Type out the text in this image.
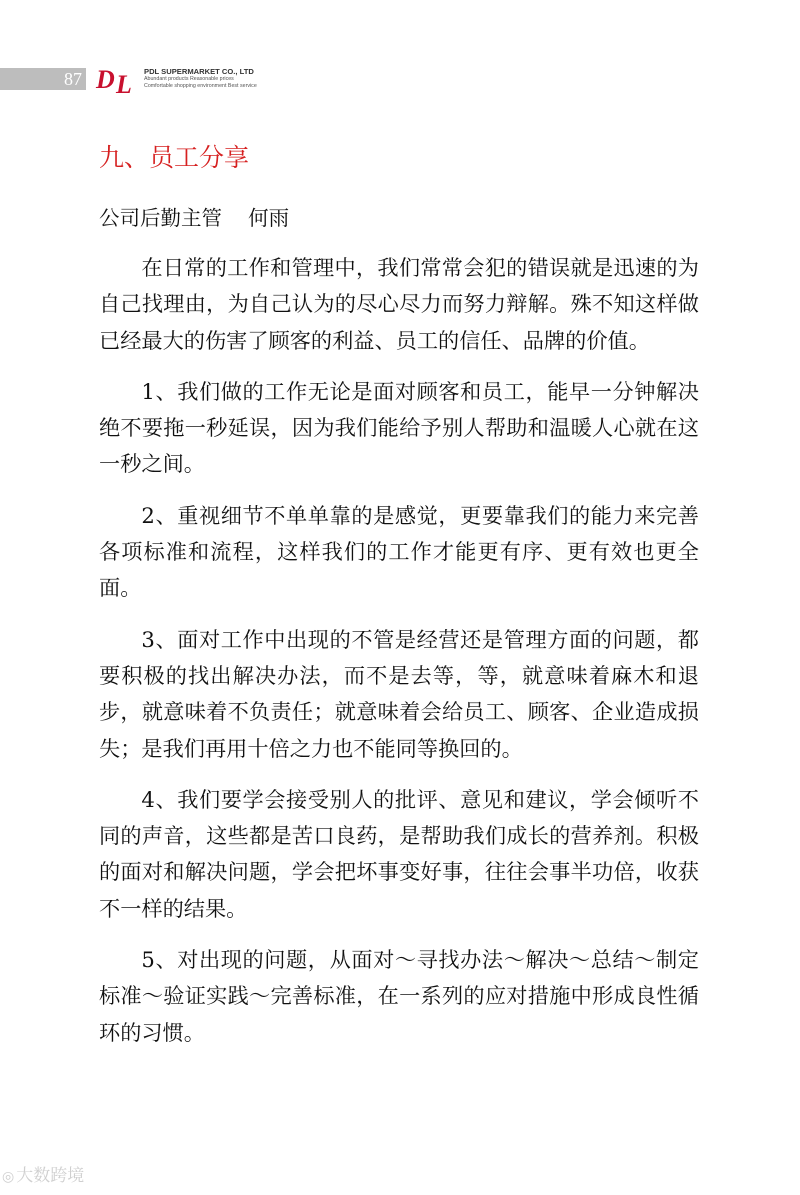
87 D L PDL SUPERMARKET CO., LTD
Abundant products Reasonable prices
Comfortable shopping environment Best service
九、员工分享
公司后勤主管 何雨

在日常的工作和管理中，我们常常会犯的错误就是迅速的为自己找理由，为自己认为的尽心尽力而努力辩解。殊不知这样做已经最大的伤害了顾客的利益、员工的信任、品牌的价值。

1、我们做的工作无论是面对顾客和员工，能早一分钟解决绝不要拖一秒延误，因为我们能给予别人帮助和温暖人心就在这一秒之间。

2、重视细节不单单靠的是感觉，更要靠我们的能力来完善各项标准和流程，这样我们的工作才能更有序、更有效也更全面。

3、面对工作中出现的不管是经营还是管理方面的问题，都要积极的找出解决办法，而不是去等，等，就意味着麻木和退步，就意味着不负责任；就意味着会给员工、顾客、企业造成损失；是我们再用十倍之力也不能同等换回的。

4、我们要学会接受别人的批评、意见和建议，学会倾听不同的声音，这些都是苦口良药，是帮助我们成长的营养剂。积极的面对和解决问题，学会把坏事变好事，往往会事半功倍，收获不一样的结果。

5、对出现的问题，从面对～寻找办法～解决～总结～制定标准～验证实践～完善标准，在一系列的应对措施中形成良性循环的习惯。

◎ 大数跨境
